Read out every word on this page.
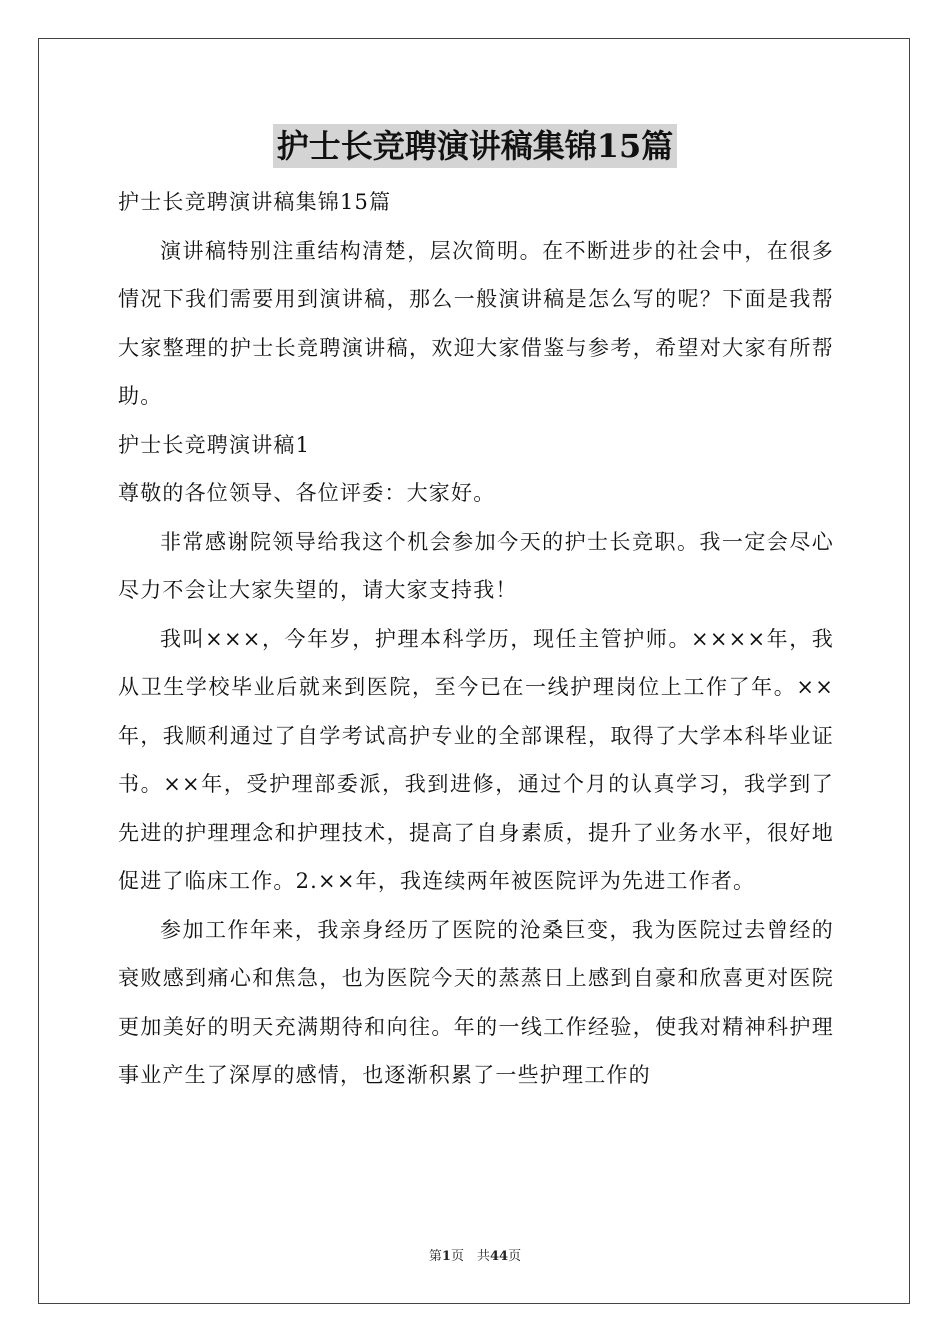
护士长竞聘演讲稿集锦15篇

护士长竞聘演讲稿集锦15篇

演讲稿特别注重结构清楚，层次简明。在不断进步的社会中，在很多情况下我们需要用到演讲稿，那么一般演讲稿是怎么写的呢？下面是我帮大家整理的护士长竞聘演讲稿，欢迎大家借鉴与参考，希望对大家有所帮助。

护士长竞聘演讲稿1

尊敬的各位领导、各位评委：大家好。

非常感谢院领导给我这个机会参加今天的护士长竞职。我一定会尽心尽力不会让大家失望的，请大家支持我！

我叫×××，今年岁，护理本科学历，现任主管护师。××××年，我从卫生学校毕业后就来到医院，至今已在一线护理岗位上工作了年。××年，我顺利通过了自学考试高护专业的全部课程，取得了大学本科毕业证书。××年，受护理部委派，我到进修，通过个月的认真学习，我学到了先进的护理理念和护理技术，提高了自身素质，提升了业务水平，很好地促进了临床工作。2.××年，我连续两年被医院评为先进工作者。

参加工作年来，我亲身经历了医院的沧桑巨变，我为医院过去曾经的衰败感到痛心和焦急，也为医院今天的蒸蒸日上感到自豪和欣喜更对医院更加美好的明天充满期待和向往。年的一线工作经验，使我对精神科护理事业产生了深厚的感情，也逐渐积累了一些护理工作的

第1页　共44页
